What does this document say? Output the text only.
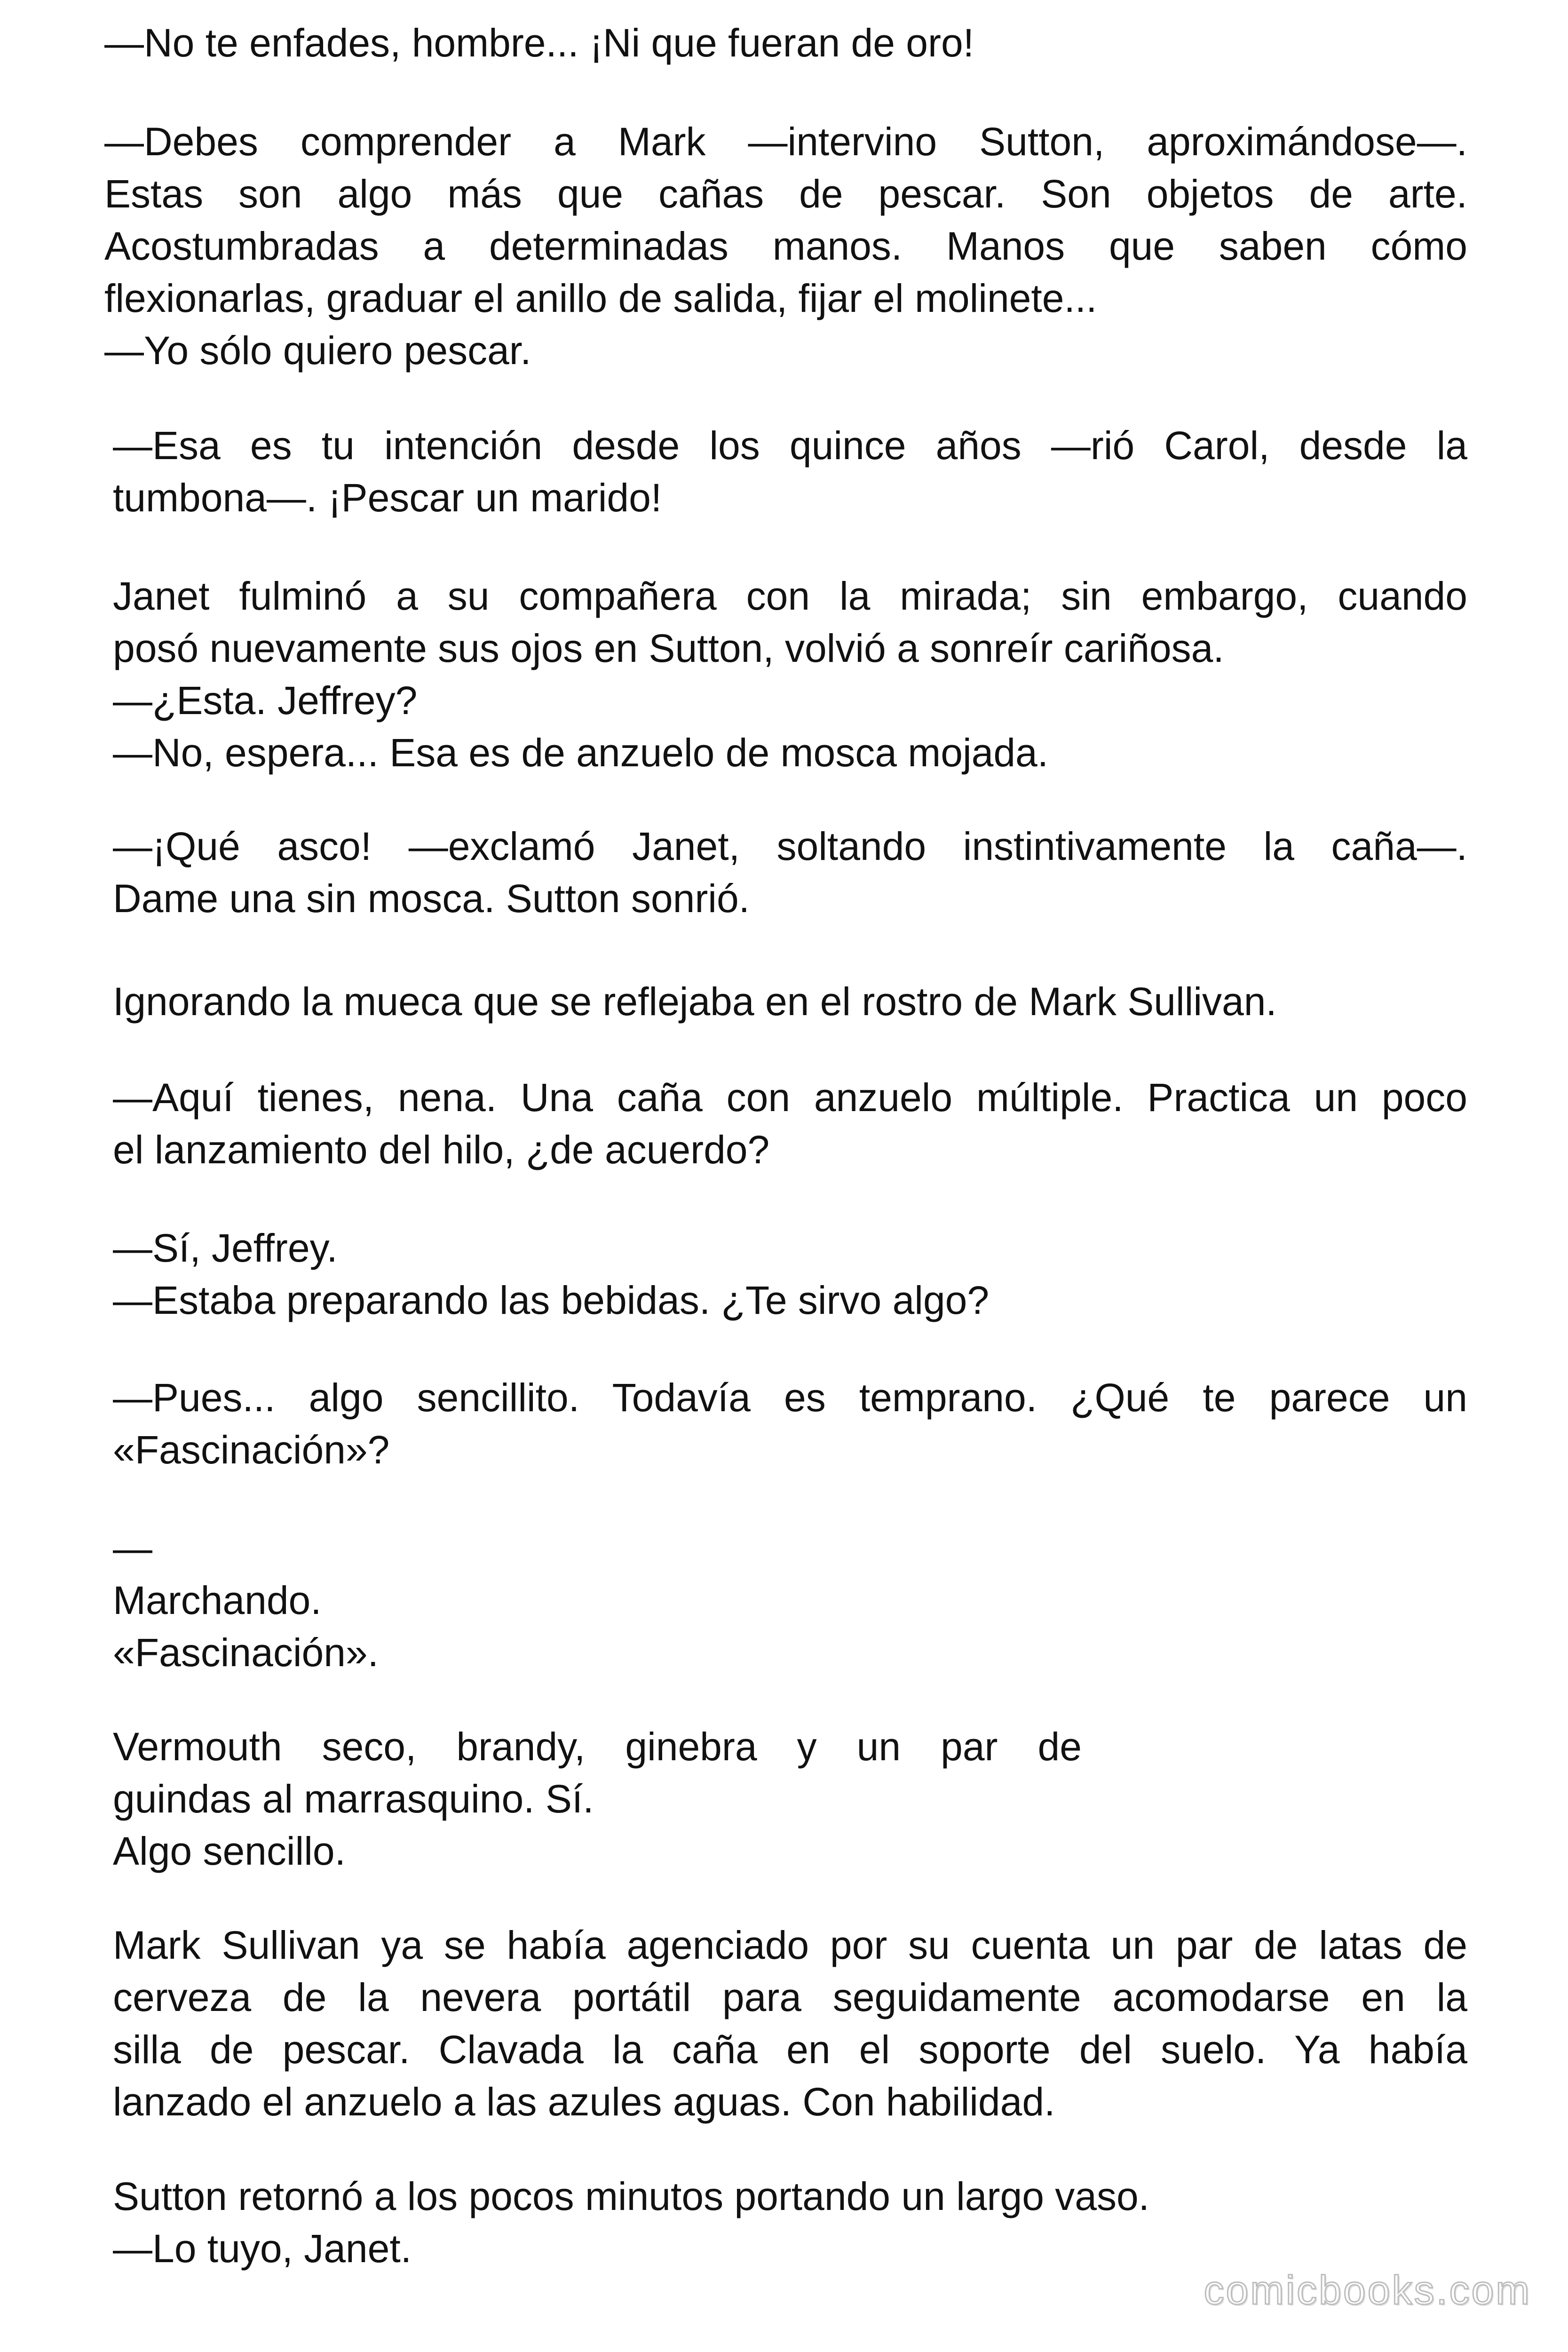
—No te enfades, hombre... ¡Ni que fueran de oro!
—Debes comprender a Mark —intervino Sutton, aproximándose—.
Estas son algo más que cañas de pescar. Son objetos de arte.
Acostumbradas a determinadas manos. Manos que saben cómo
flexionarlas, graduar el anillo de salida, fijar el molinete...
—Yo sólo quiero pescar.
—Esa es tu intención desde los quince años —rió Carol, desde la
tumbona—. ¡Pescar un marido!
Janet fulminó a su compañera con la mirada; sin embargo, cuando
posó nuevamente sus ojos en Sutton, volvió a sonreír cariñosa.
—¿Esta. Jeffrey?
—No, espera... Esa es de anzuelo de mosca mojada.
—¡Qué asco! —exclamó Janet, soltando instintivamente la caña—.
Dame una sin mosca. Sutton sonrió.
Ignorando la mueca que se reflejaba en el rostro de Mark Sullivan.
—Aquí tienes, nena. Una caña con anzuelo múltiple. Practica un poco
el lanzamiento del hilo, ¿de acuerdo?
—Sí, Jeffrey.
—Estaba preparando las bebidas. ¿Te sirvo algo?
—Pues... algo sencillito. Todavía es temprano. ¿Qué te parece un
«Fascinación»?
—
Marchando.
«Fascinación».
Vermouth seco, brandy, ginebra y un par de
guindas al marrasquino. Sí.
Algo sencillo.
Mark Sullivan ya se había agenciado por su cuenta un par de latas de
cerveza de la nevera portátil para seguidamente acomodarse en la
silla de pescar. Clavada la caña en el soporte del suelo. Ya había
lanzado el anzuelo a las azules aguas. Con habilidad.
Sutton retornó a los pocos minutos portando un largo vaso.
—Lo tuyo, Janet.
comicbooks.com
